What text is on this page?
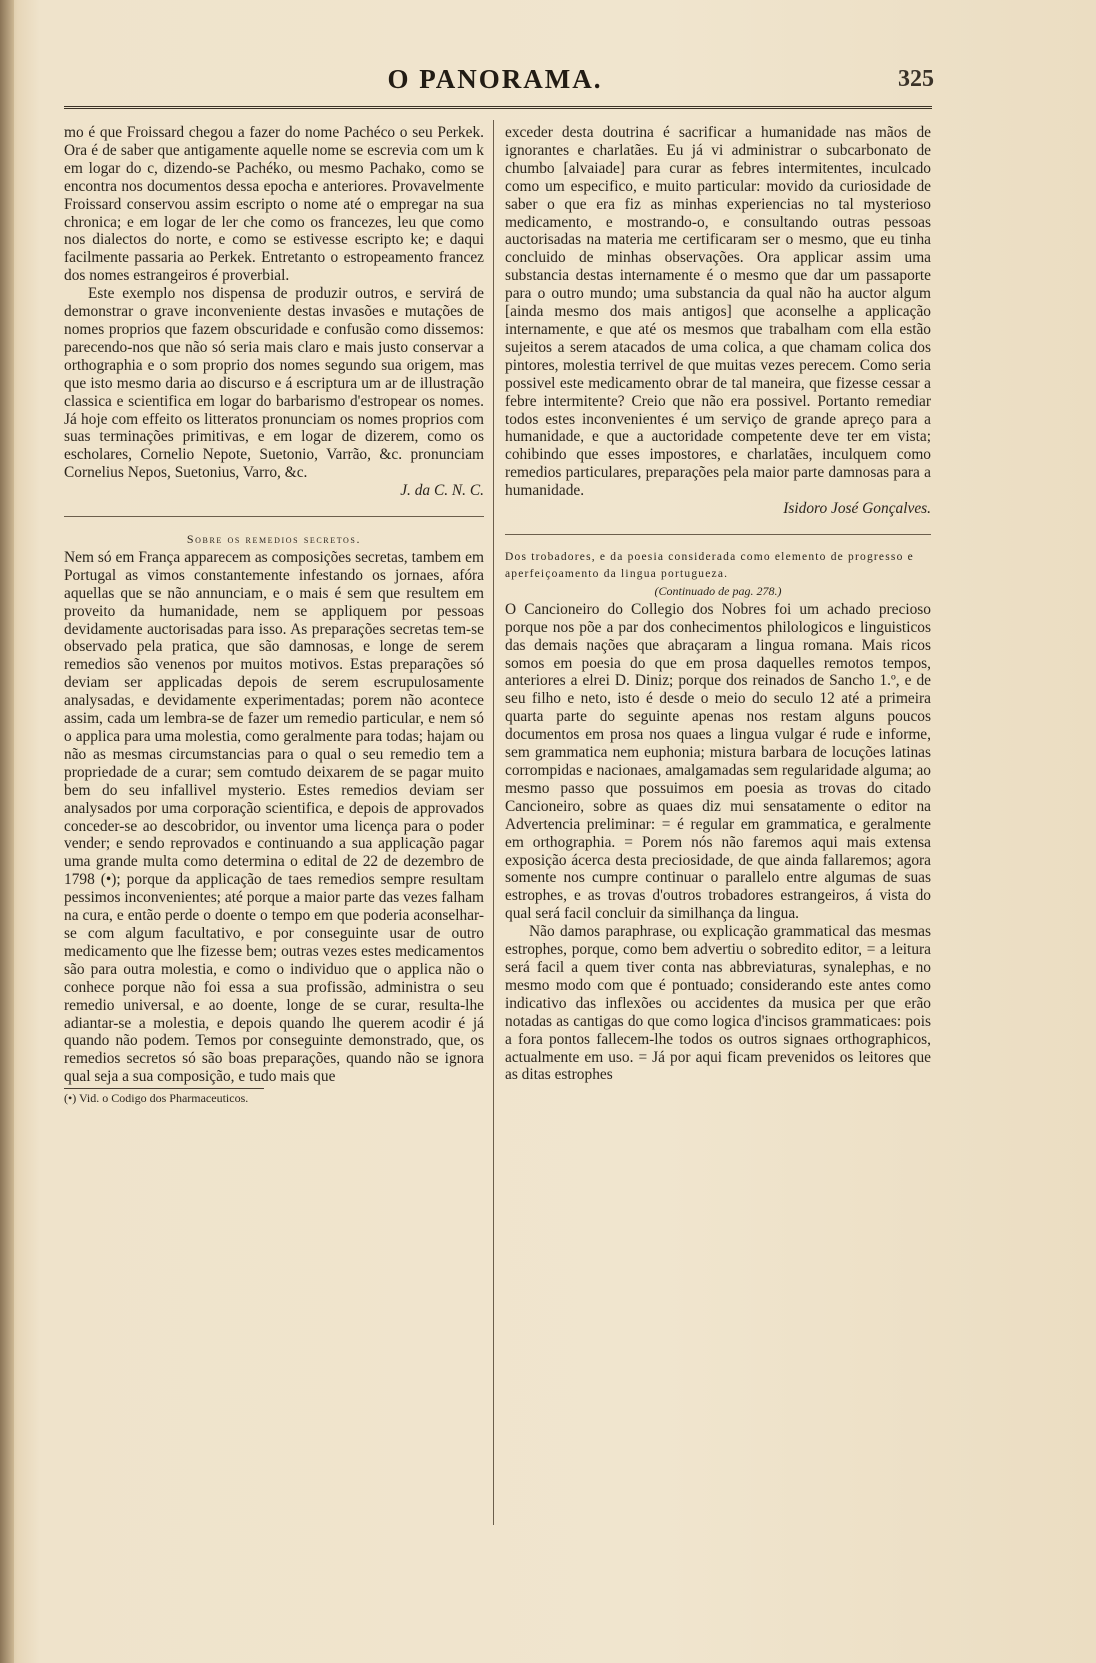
O PANORAMA.	325

mo é que Froissard chegou a fazer do nome Pachéco o seu Perkek. Ora é de saber que antigamente aquelle nome se escrevia com um k em logar do c, dizendo-se Pachéko, ou mesmo Pachako, como se encontra nos documentos dessa epocha e anteriores. Provavelmente Froissard conservou assim escripto o nome até o empregar na sua chronica; e em logar de ler che como os francezes, leu que como nos dialectos do norte, e como se estivesse escripto ke; e daqui facilmente passaria ao Perkek. Entretanto o estropeamento francez dos nomes estrangeiros é proverbial.

Este exemplo nos dispensa de produzir outros, e servirá de demonstrar o grave inconveniente destas invasões e mutações de nomes proprios que fazem obscuridade e confusão como dissemos: parecendo-nos que não só seria mais claro e mais justo conservar a orthographia e o som proprio dos nomes segundo sua origem, mas que isto mesmo daria ao discurso e á escriptura um ar de illustração classica e scientifica em logar do barbarismo d'estropear os nomes. Já hoje com effeito os litteratos pronunciam os nomes proprios com suas terminações primitivas, e em logar de dizerem, como os escholares, Cornelio Nepote, Suetonio, Varrão, &c. pronunciam Cornelius Nepos, Suetonius, Varro, &c.

J. da C. N. C.

Sobre os remedios secretos.

Nem só em França apparecem as composições secretas, tambem em Portugal as vimos constantemente infestando os jornaes, afóra aquellas que se não annunciam, e o mais é sem que resultem em proveito da humanidade, nem se appliquem por pessoas devidamente auctorisadas para isso. As preparações secretas tem-se observado pela pratica, que são damnosas, e longe de serem remedios são venenos por muitos motivos. Estas preparações só deviam ser applicadas depois de serem escrupulosamente analysadas, e devidamente experimentadas; porem não acontece assim, cada um lembra-se de fazer um remedio particular, e nem só o applica para uma molestia, como geralmente para todas; hajam ou não as mesmas circumstancias para o qual o seu remedio tem a propriedade de a curar; sem comtudo deixarem de se pagar muito bem do seu infallivel mysterio. Estes remedios deviam ser analysados por uma corporação scientifica, e depois de approvados conceder-se ao descobridor, ou inventor uma licença para o poder vender; e sendo reprovados e continuando a sua applicação pagar uma grande multa como determina o edital de 22 de dezembro de 1798 (•); porque da applicação de taes remedios sempre resultam pessimos inconvenientes; até porque a maior parte das vezes falham na cura, e então perde o doente o tempo em que poderia aconselhar-se com algum facultativo, e por conseguinte usar de outro medicamento que lhe fizesse bem; outras vezes estes medicamentos são para outra molestia, e como o individuo que o applica não o conhece porque não foi essa a sua profissão, administra o seu remedio universal, e ao doente, longe de se curar, resulta-lhe adiantar-se a molestia, e depois quando lhe querem acodir é já quando não podem. Temos por conseguinte demonstrado, que, os remedios secretos só são boas preparações, quando não se ignora qual seja a sua composição, e tudo mais que

(•) Vid. o Codigo dos Pharmaceuticos.

exceder desta doutrina é sacrificar a humanidade nas mãos de ignorantes e charlatães. Eu já vi administrar o subcarbonato de chumbo [alvaiade] para curar as febres intermitentes, inculcado como um especifico, e muito particular: movido da curiosidade de saber o que era fiz as minhas experiencias no tal mysterioso medicamento, e mostrando-o, e consultando outras pessoas auctorisadas na materia me certificaram ser o mesmo, que eu tinha concluido de minhas observações. Ora applicar assim uma substancia destas internamente é o mesmo que dar um passaporte para o outro mundo; uma substancia da qual não ha auctor algum [ainda mesmo dos mais antigos] que aconselhe a applicação internamente, e que até os mesmos que trabalham com ella estão sujeitos a serem atacados de uma colica, a que chamam colica dos pintores, molestia terrivel de que muitas vezes perecem. Como seria possivel este medicamento obrar de tal maneira, que fizesse cessar a febre intermitente? Creio que não era possivel. Portanto remediar todos estes inconvenientes é um serviço de grande apreço para a humanidade, e que a auctoridade competente deve ter em vista; cohibindo que esses impostores, e charlatães, inculquem como remedios particulares, preparações pela maior parte damnosas para a humanidade.

Isidoro José Gonçalves.

Dos trobadores, e da poesia considerada como elemento de progresso e aperfeiçoamento da lingua portugueza.

(Continuado de pag. 278.)

O Cancioneiro do Collegio dos Nobres foi um achado precioso porque nos põe a par dos conhecimentos philologicos e linguisticos das demais nações que abraçaram a lingua romana. Mais ricos somos em poesia do que em prosa daquelles remotos tempos, anteriores a elrei D. Diniz; porque dos reinados de Sancho 1.º, e de seu filho e neto, isto é desde o meio do seculo 12 até a primeira quarta parte do seguinte apenas nos restam alguns poucos documentos em prosa nos quaes a lingua vulgar é rude e informe, sem grammatica nem euphonia; mistura barbara de locuções latinas corrompidas e nacionaes, amalgamadas sem regularidade alguma; ao mesmo passo que possuimos em poesia as trovas do citado Cancioneiro, sobre as quaes diz mui sensatamente o editor na Advertencia preliminar: = é regular em grammatica, e geralmente em orthographia. = Porem nós não faremos aqui mais extensa exposição ácerca desta preciosidade, de que ainda fallaremos; agora somente nos cumpre continuar o parallelo entre algumas de suas estrophes, e as trovas d'outros trobadores estrangeiros, á vista do qual será facil concluir da similhança da lingua.

Não damos paraphrase, ou explicação grammatical das mesmas estrophes, porque, como bem advertiu o sobredito editor, = a leitura será facil a quem tiver conta nas abbreviaturas, synalephas, e no mesmo modo com que é pontuado; considerando este antes como indicativo das inflexões ou accidentes da musica per que erão notadas as cantigas do que como logica d'incisos grammaticaes: pois a fora pontos fallecem-lhe todos os outros signaes orthographicos, actualmente em uso. = Já por aqui ficam prevenidos os leitores que as ditas estrophes
